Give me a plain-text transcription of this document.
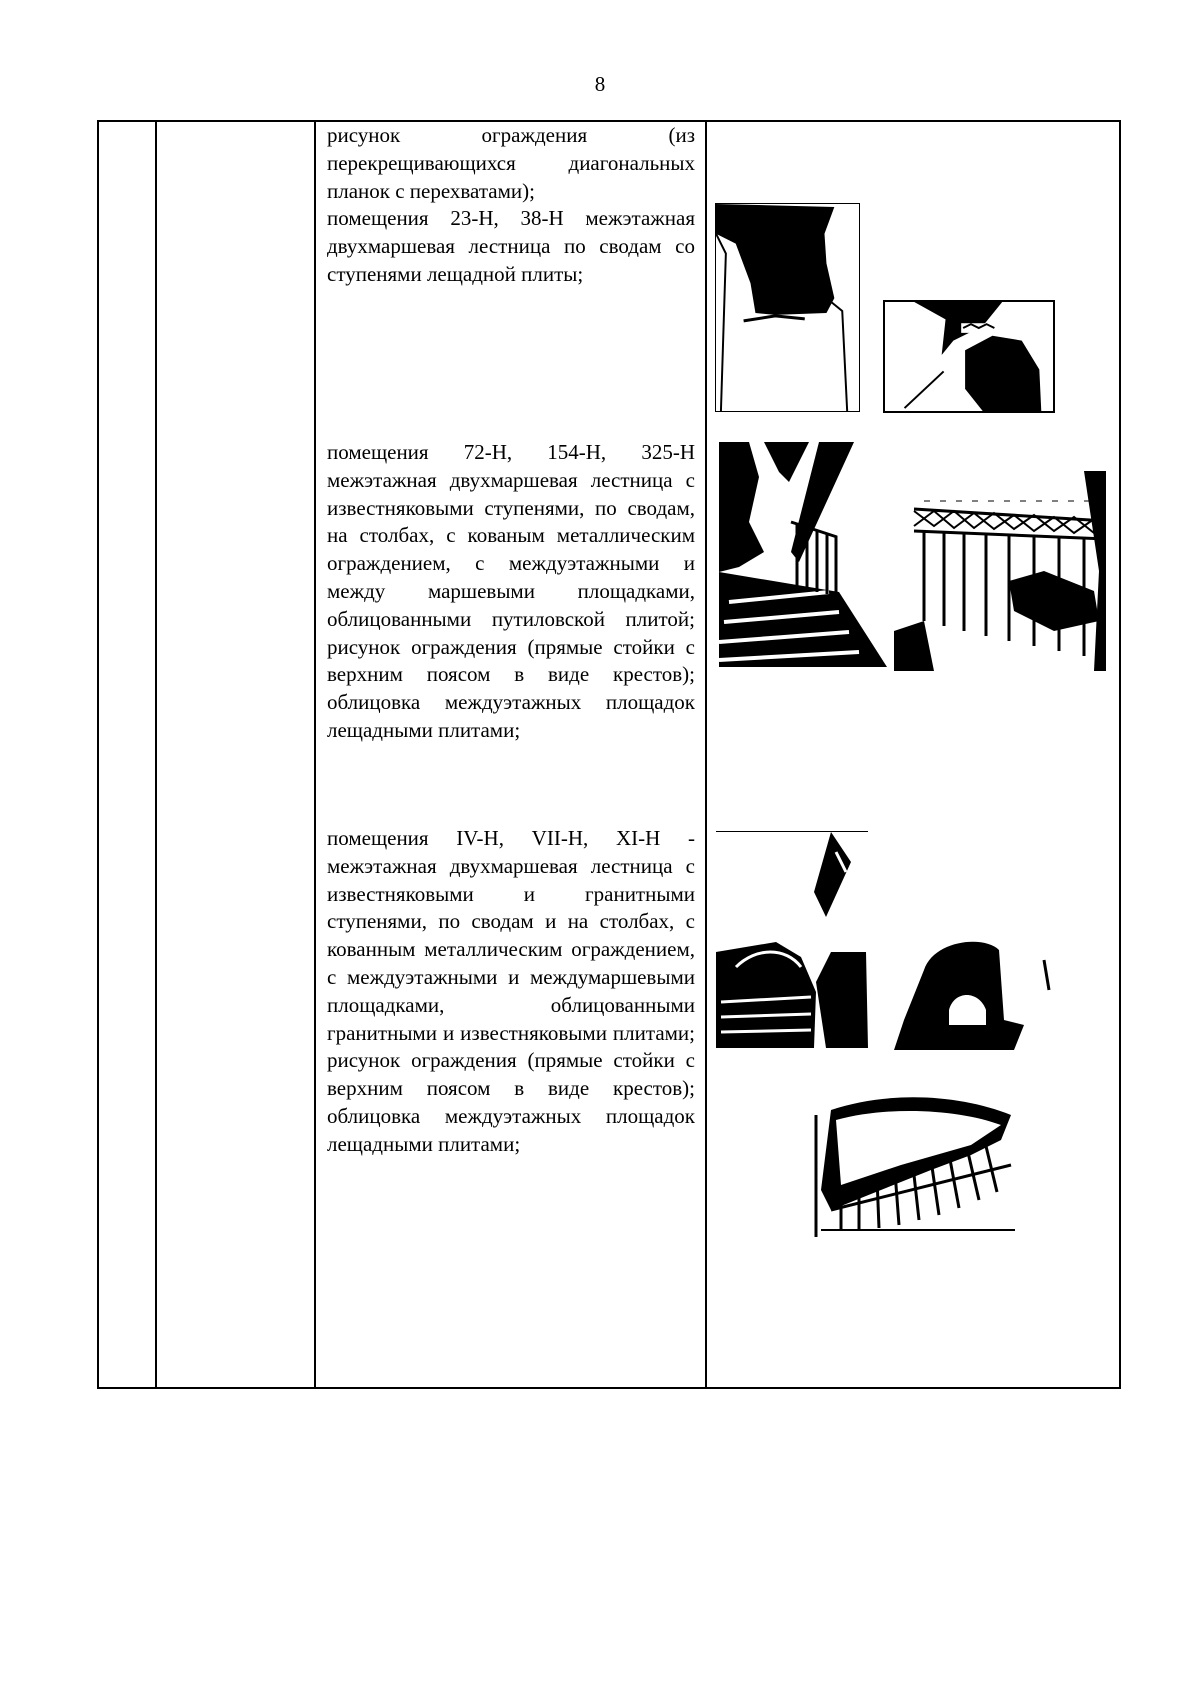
8
рисунок ограждения (из перекрещивающихся диагональных планок с перехватами);
помещения 23-Н, 38-Н межэтажная двухмаршевая лестница по сводам со ступенями лещадной плиты;
помещения 72-Н, 154-Н, 325-Н межэтажная двухмаршевая лестница с известняковыми ступенями, по сводам, на столбах, с кованым металлическим ограждением, с междуэтажными и между маршевыми площадками, облицованными путиловской плитой; рисунок ограждения (прямые стойки с верхним поясом в виде крестов); облицовка междуэтажных площадок лещадными плитами;
помещения IV-Н, VII-Н, XI-Н - межэтажная двухмаршевая лестница с известняковыми и гранитными ступенями, по сводам и на столбах, с кованным металлическим ограждением, с междуэтажными и междумаршевыми площадками, облицованными гранитными и известняковыми плитами; рисунок ограждения (прямые стойки с верхним поясом в виде крестов); облицовка междуэтажных площадок лещадными плитами;
